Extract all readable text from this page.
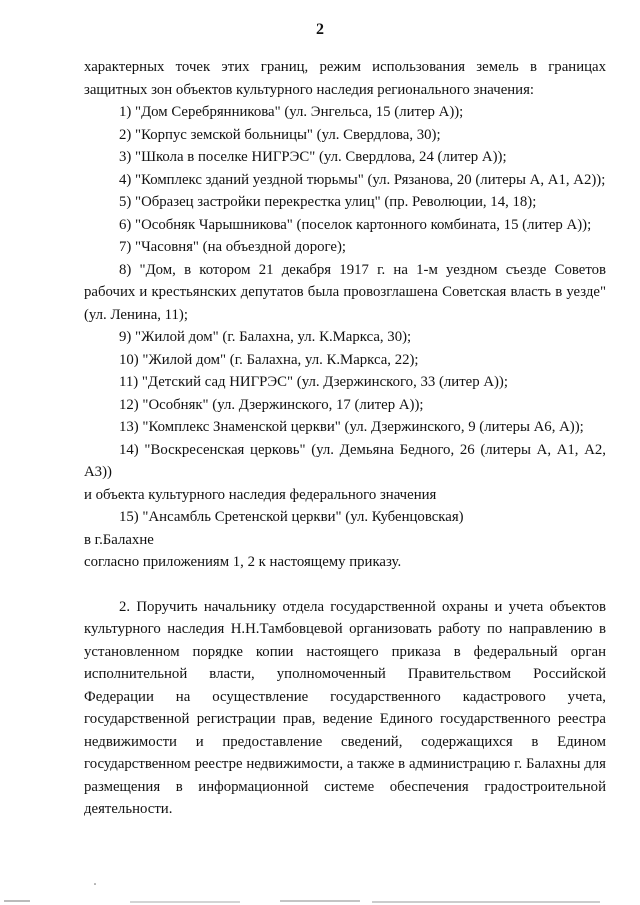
2

характерных точек этих границ, режим использования земель в границах защитных зон объектов культурного наследия регионального значения:

1) "Дом Серебрянникова" (ул. Энгельса, 15 (литер А));

2) "Корпус земской больницы" (ул. Свердлова, 30);

3) "Школа в поселке НИГРЭС" (ул. Свердлова, 24 (литер А));

4) "Комплекс зданий уездной тюрьмы" (ул. Рязанова, 20 (литеры А, А1, А2));

5) "Образец застройки перекрестка улиц" (пр. Революции, 14, 18);

6) "Особняк Чарышникова" (поселок картонного комбината, 15 (литер А));

7) "Часовня" (на объездной дороге);

8) "Дом, в котором 21 декабря 1917 г. на 1-м уездном съезде Советов рабочих и крестьянских депутатов была провозглашена Советская власть в уезде" (ул. Ленина, 11);

9) "Жилой дом" (г. Балахна, ул. К.Маркса, 30);

10) "Жилой дом" (г. Балахна, ул. К.Маркса, 22);

11) "Детский сад НИГРЭС" (ул. Дзержинского, 33 (литер А));

12) "Особняк" (ул. Дзержинского, 17 (литер А));

13) "Комплекс Знаменской церкви" (ул. Дзержинского, 9 (литеры А6, А));

14) "Воскресенская церковь" (ул. Демьяна Бедного, 26 (литеры А, А1, А2, А3))

и объекта культурного наследия федерального значения

15) "Ансамбль Сретенской церкви" (ул. Кубенцовская)

в г.Балахне

согласно приложениям 1, 2 к настоящему приказу.

2. Поручить начальнику отдела государственной охраны и учета объектов культурного наследия Н.Н.Тамбовцевой организовать работу по направлению в установленном порядке копии настоящего приказа в федеральный орган исполнительной власти, уполномоченный Правительством Российской Федерации на осуществление государственного кадастрового учета, государственной регистрации прав, ведение Единого государственного реестра недвижимости и предоставление сведений, содержащихся в Едином государственном реестре недвижимости, а также в администрацию г. Балахны для размещения в информационной системе обеспечения градостроительной деятельности.
